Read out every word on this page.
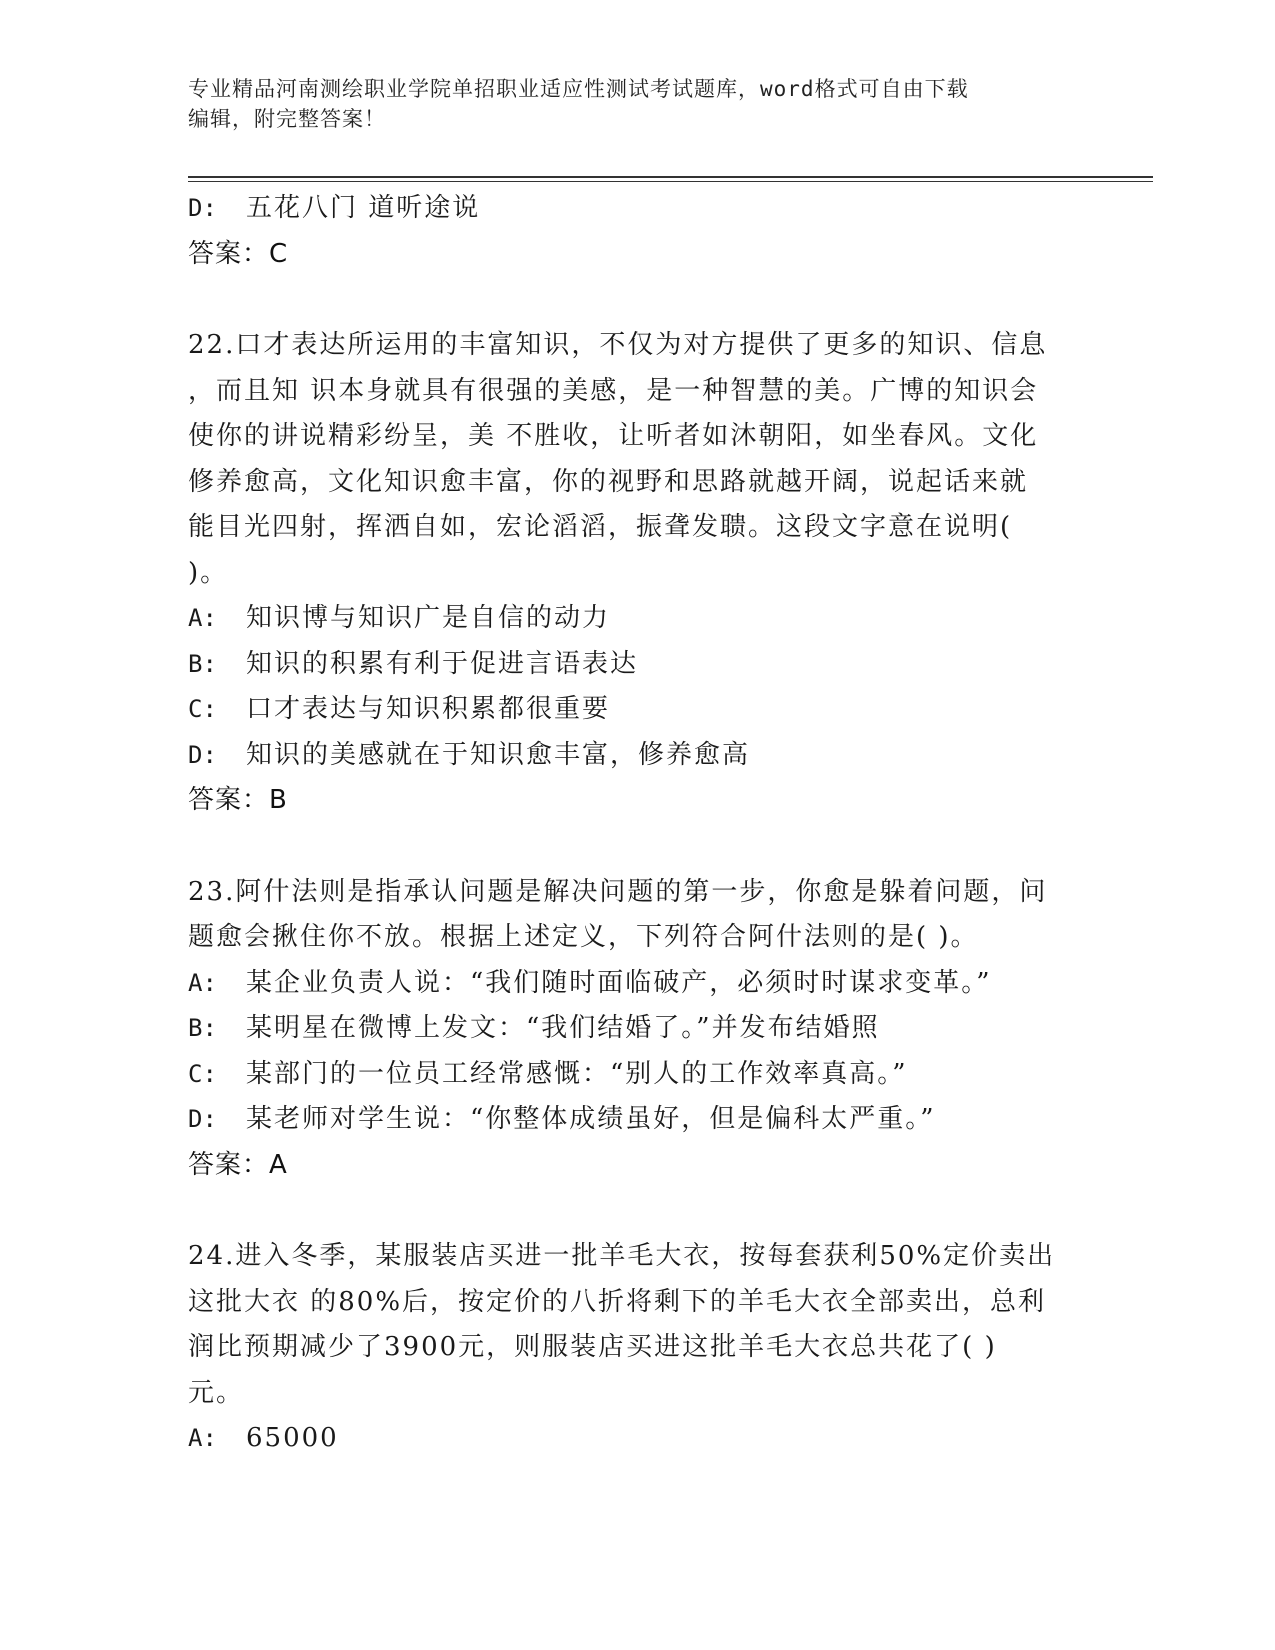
专业精品河南测绘职业学院单招职业适应性测试考试题库，word格式可自由下载
编辑，附完整答案！
D: 五花八门 道听途说
答案：C
22.口才表达所运用的丰富知识，不仅为对方提供了更多的知识、信息
，而且知 识本身就具有很强的美感，是一种智慧的美。广博的知识会
使你的讲说精彩纷呈，美 不胜收，让听者如沐朝阳，如坐春风。文化
修养愈高，文化知识愈丰富，你的视野和思路就越开阔，说起话来就
能目光四射，挥洒自如，宏论滔滔，振聋发聩。这段文字意在说明(
)。
A: 知识博与知识广是自信的动力
B: 知识的积累有利于促进言语表达
C: 口才表达与知识积累都很重要
D: 知识的美感就在于知识愈丰富，修养愈高
答案：B
23.阿什法则是指承认问题是解决问题的第一步，你愈是躲着问题，问
题愈会揪住你不放。根据上述定义，下列符合阿什法则的是( )。
A: 某企业负责人说：“我们随时面临破产，必须时时谋求变革。”
B: 某明星在微博上发文：“我们结婚了。”并发布结婚照
C: 某部门的一位员工经常感慨：“别人的工作效率真高。”
D: 某老师对学生说：“你整体成绩虽好，但是偏科太严重。”
答案：A
24.进入冬季，某服装店买进一批羊毛大衣，按每套获利50%定价卖出
这批大衣 的80%后，按定价的八折将剩下的羊毛大衣全部卖出，总利
润比预期减少了3900元，则服装店买进这批羊毛大衣总共花了( )
元。
A: 65000
